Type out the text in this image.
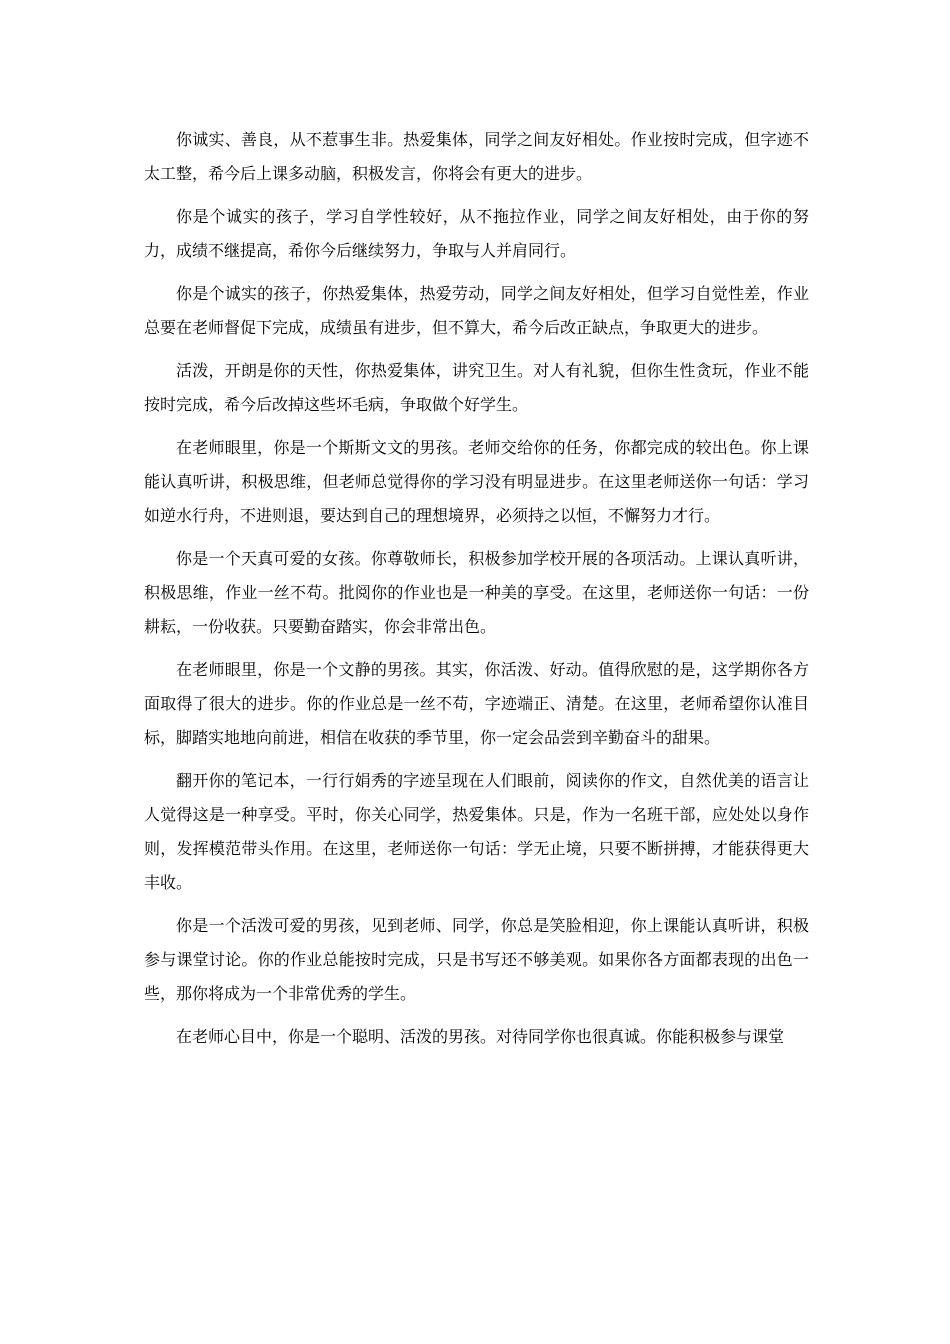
你诚实、善良，从不惹事生非。热爱集体，同学之间友好相处。作业按时完成，但字迹不太工整，希今后上课多动脑，积极发言，你将会有更大的进步。

你是个诚实的孩子，学习自学性较好，从不拖拉作业，同学之间友好相处，由于你的努力，成绩不继提高，希你今后继续努力，争取与人并肩同行。

你是个诚实的孩子，你热爱集体，热爱劳动，同学之间友好相处，但学习自觉性差，作业总要在老师督促下完成，成绩虽有进步，但不算大，希今后改正缺点，争取更大的进步。

活泼，开朗是你的天性，你热爱集体，讲究卫生。对人有礼貌，但你生性贪玩，作业不能按时完成，希今后改掉这些坏毛病，争取做个好学生。

在老师眼里，你是一个斯斯文文的男孩。老师交给你的任务，你都完成的较出色。你上课能认真听讲，积极思维，但老师总觉得你的学习没有明显进步。在这里老师送你一句话：学习如逆水行舟，不进则退，要达到自己的理想境界，必须持之以恒，不懈努力才行。

你是一个天真可爱的女孩。你尊敬师长，积极参加学校开展的各项活动。上课认真听讲，积极思维，作业一丝不苟。批阅你的作业也是一种美的享受。在这里，老师送你一句话：一份耕耘，一份收获。只要勤奋踏实，你会非常出色。

在老师眼里，你是一个文静的男孩。其实，你活泼、好动。值得欣慰的是，这学期你各方面取得了很大的进步。你的作业总是一丝不苟，字迹端正、清楚。在这里，老师希望你认准目标，脚踏实地地向前进，相信在收获的季节里，你一定会品尝到辛勤奋斗的甜果。

翻开你的笔记本，一行行娟秀的字迹呈现在人们眼前，阅读你的作文，自然优美的语言让人觉得这是一种享受。平时，你关心同学，热爱集体。只是，作为一名班干部，应处处以身作则，发挥模范带头作用。在这里，老师送你一句话：学无止境，只要不断拼搏，才能获得更大丰收。

你是一个活泼可爱的男孩，见到老师、同学，你总是笑脸相迎，你上课能认真听讲，积极参与课堂讨论。你的作业总能按时完成，只是书写还不够美观。如果你各方面都表现的出色一些，那你将成为一个非常优秀的学生。

在老师心目中，你是一个聪明、活泼的男孩。对待同学你也很真诚。你能积极参与课堂
